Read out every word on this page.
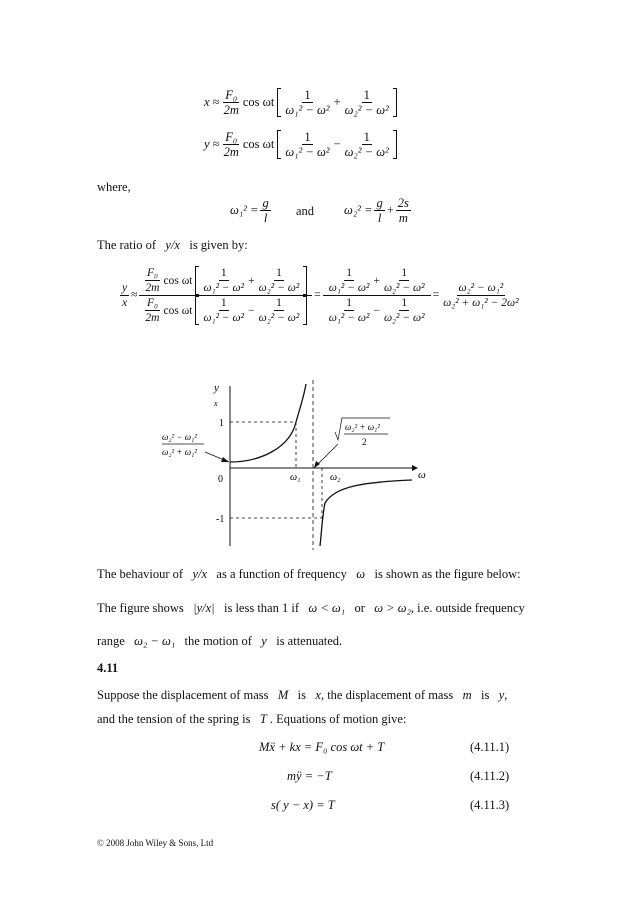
x
≈ $\frac{\text{F₀}}{2m}$ cos ωt $\frac{1}{\text{ω₁² − ω²}} + \frac{1}{\text{ω₂² − ω²}}$
y
≈ $\frac{\text{F₀}}{2m}$ cos ωt $\frac{1}{\text{ω₁² − ω²}} - \frac{1}{\text{ω₂² − ω²}}$
where,
$\omega_1^2 = \frac{g}{l}$ and $\omega_2^2 = \frac{g}{l} + \frac{2s}{m}$
The ratio of y/x is given by:
$\frac{y}{x} \approx \frac{\text{F₀}}{2m}$ cos ωt $\frac{1}{\text{ω₁² − ω²}} + \frac{1}{\text{ω₂² − ω²}}$
$\frac{\text{F₀}}{2m}$ cos ωt $\frac{1}{\text{ω₁² − ω²}} - \frac{1}{\text{ω₂² − ω²}}$
= $\frac{\frac{1}{\text{ω₁² − ω²}} + \frac{1}{\text{ω₂² − ω²}}}{\frac{1}{\text{ω₁² − ω²}} - \frac{1}{\text{ω₂² − ω²}}} = \frac{\text{ω₂² − ω₁²}}{\text{ω₂² + ω₁² − 2ω²}}$
y
x
ω
0
1
-1
ω₁	ω₂
ω₂² − ω₁²
ω₂² + ω₁²
ω₂² + ω₁²
2
The behaviour of y/x as a function of frequency ω is shown as the figure below:
The figure shows |y/x| is less than 1 if ω < ω₁ or ω > ω₂, i.e. outside frequency
range ω₂ − ω₁ the motion of y is attenuated.
4.11
Suppose the displacement of mass M is x, the displacement of mass m is y,
and the tension of the spring is T . Equations of motion give:
Mẍ + kx = F₀ cos ωt + T	(4.11.1)
mÿ = −T	(4.11.2)
s( y − x) = T	(4.11.3)
© 2008 John Wiley & Sons, Ltd
